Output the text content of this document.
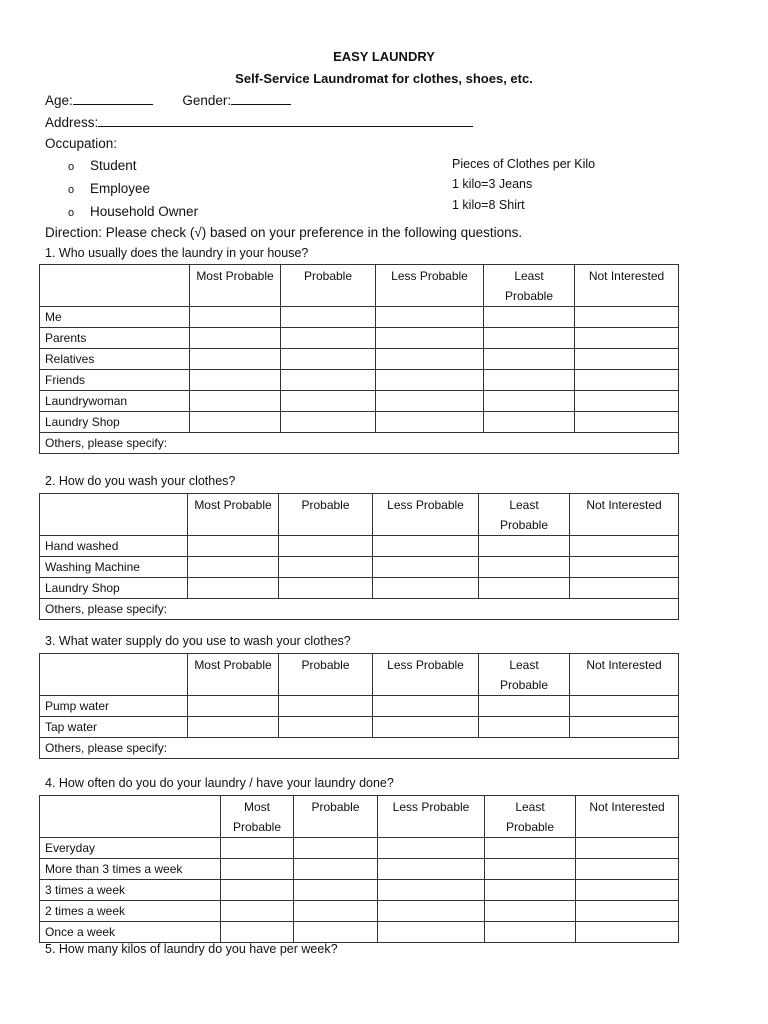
EASY LAUNDRY
Self-Service Laundromat for clothes, shoes, etc.
Age:	Gender:
Address:
Occupation:
o Student
o Employee
o Household Owner
Pieces of Clothes per Kilo
1 kilo=3 Jeans
1 kilo=8 Shirt
Direction: Please check (√) based on your preference in the following questions.
1. Who usually does the laundry in your house?
	Most Probable	Probable	Less Probable	Least Probable	Not Interested
Me					
Parents					
Relatives					
Friends					
Laundrywoman					
Laundry Shop					
Others, please specify:					
2. How do you wash your clothes?
	Most Probable	Probable	Less Probable	Least Probable	Not Interested
Hand washed					
Washing Machine					
Laundry Shop					
Others, please specify:					
3. What water supply do you use to wash your clothes?
	Most Probable	Probable	Less Probable	Least Probable	Not Interested
Pump water					
Tap water					
Others, please specify:					
4. How often do you do your laundry / have your laundry done?
	Most Probable	Probable	Less Probable	Least Probable	Not Interested
Everyday					
More than 3 times a week					
3 times a week					
2 times a week					
Once a week					
5. How many kilos of laundry do you have per week?
